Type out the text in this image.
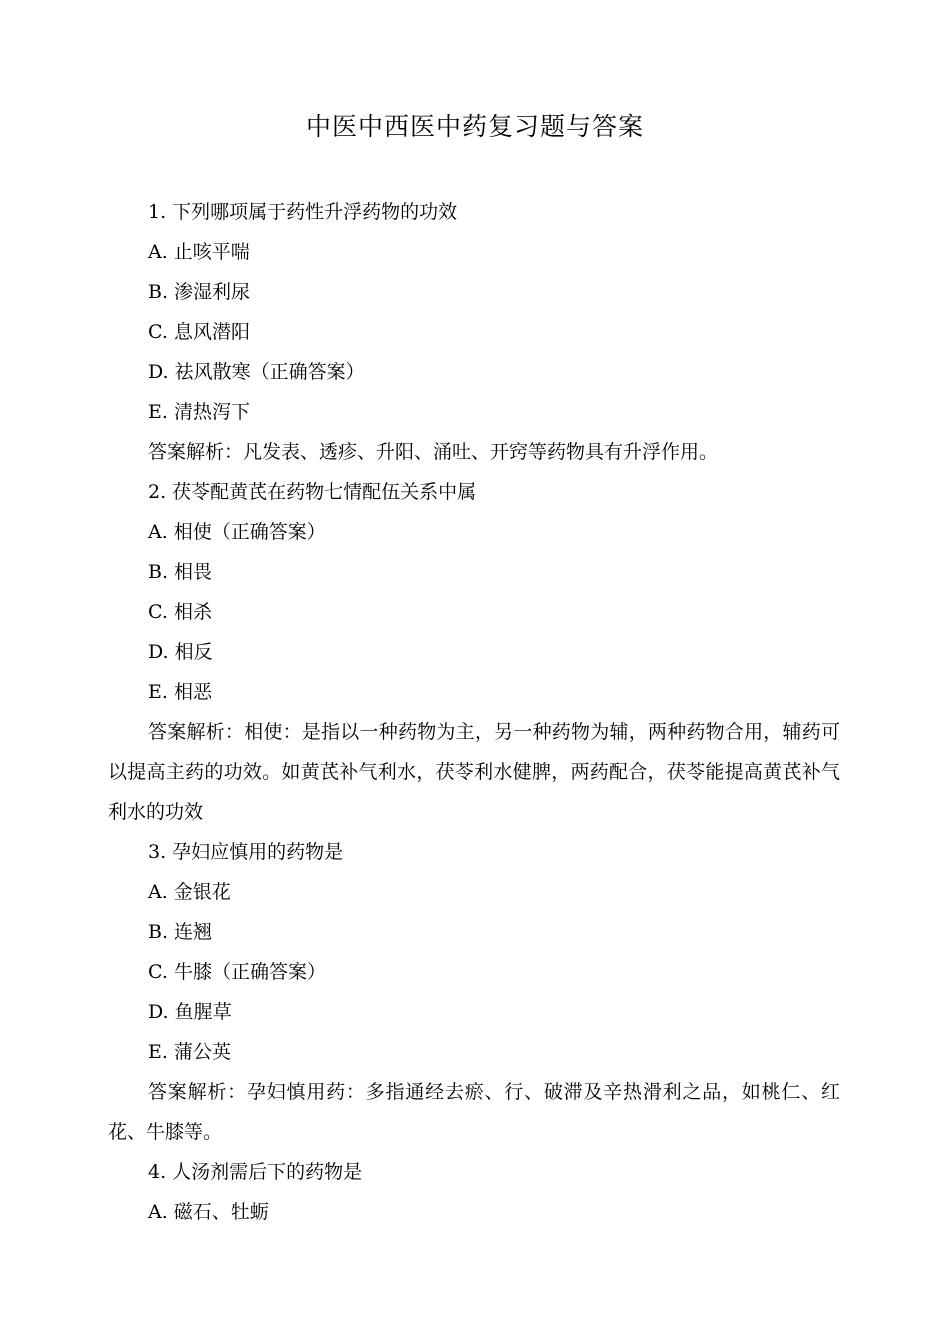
中医中西医中药复习题与答案

1. 下列哪项属于药性升浮药物的功效

A. 止咳平喘

B. 渗湿利尿

C. 息风潜阳

D. 祛风散寒（正确答案）

E. 清热泻下

答案解析：凡发表、透疹、升阳、涌吐、开窍等药物具有升浮作用。

2. 茯苓配黄芪在药物七情配伍关系中属

A. 相使（正确答案）

B. 相畏

C. 相杀

D. 相反

E. 相恶

答案解析：相使：是指以一种药物为主，另一种药物为辅，两种药物合用，辅药可以提高主药的功效。如黄芪补气利水，茯苓利水健脾，两药配合，茯苓能提高黄芪补气利水的功效

3. 孕妇应慎用的药物是

A. 金银花

B. 连翘

C. 牛膝（正确答案）

D. 鱼腥草

E. 蒲公英

答案解析：孕妇慎用药：多指通经去瘀、行、破滞及辛热滑利之品，如桃仁、红花、牛膝等。

4. 人汤剂需后下的药物是

A. 磁石、牡蛎
